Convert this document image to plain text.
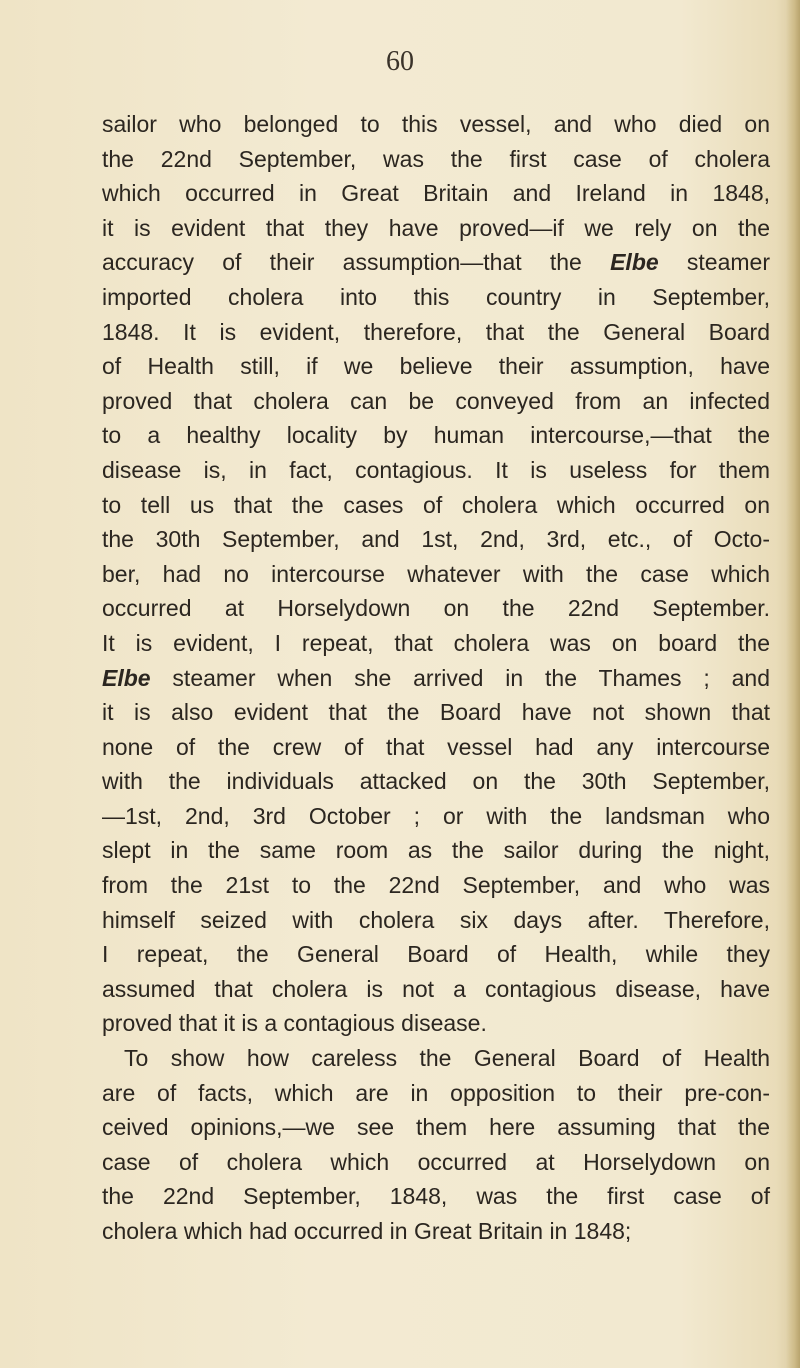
60

sailor who belonged to this vessel, and who died on

the 22nd September, was the first case of cholera

which occurred in Great Britain and Ireland in 1848,

it is evident that they have proved—if we rely on the

accuracy of their assumption—that the Elbe steamer

imported cholera into this country in September,

1848. It is evident, therefore, that the General Board

of Health still, if we believe their assumption, have

proved that cholera can be conveyed from an infected

to a healthy locality by human intercourse,—that the

disease is, in fact, contagious. It is useless for them

to tell us that the cases of cholera which occurred on

the 30th September, and 1st, 2nd, 3rd, etc., of Octo-

ber, had no intercourse whatever with the case which

occurred at Horselydown on the 22nd September.

It is evident, I repeat, that cholera was on board the

Elbe steamer when she arrived in the Thames ; and

it is also evident that the Board have not shown that

none of the crew of that vessel had any intercourse

with the individuals attacked on the 30th September,

—1st, 2nd, 3rd October ; or with the landsman who

slept in the same room as the sailor during the night,

from the 21st to the 22nd September, and who was

himself seized with cholera six days after. Therefore,

I repeat, the General Board of Health, while they

assumed that cholera is not a contagious disease, have

proved that it is a contagious disease.

To show how careless the General Board of Health

are of facts, which are in opposition to their pre-con-

ceived opinions,—we see them here assuming that the

case of cholera which occurred at Horselydown on

the 22nd September, 1848, was the first case of

cholera which had occurred in Great Britain in 1848;
